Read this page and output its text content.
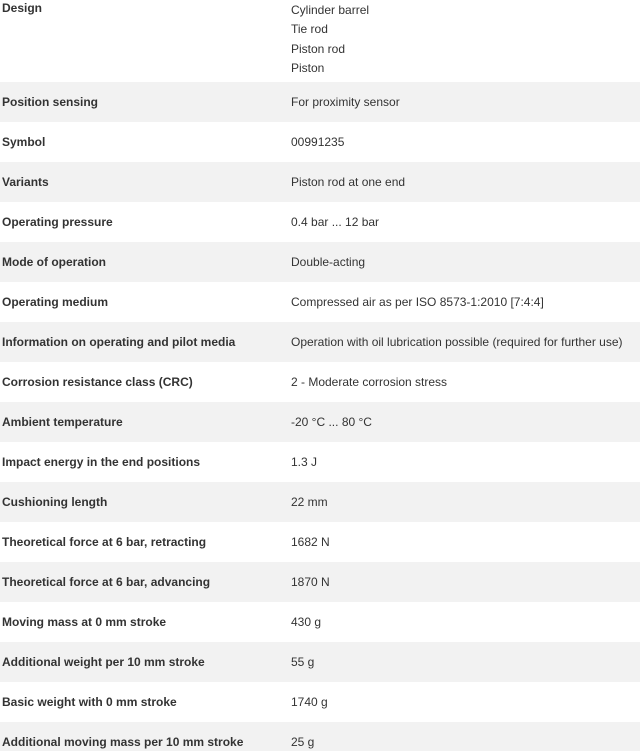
Design	Cylinder barrel
Tie rod
Piston rod
Piston
Position sensing	For proximity sensor
Symbol	00991235
Variants	Piston rod at one end
Operating pressure	0.4 bar ... 12 bar
Mode of operation	Double-acting
Operating medium	Compressed air as per ISO 8573-1:2010 [7:4:4]
Information on operating and pilot media	Operation with oil lubrication possible (required for further use)
Corrosion resistance class (CRC)	2 - Moderate corrosion stress
Ambient temperature	-20 °C ... 80 °C
Impact energy in the end positions	1.3 J
Cushioning length	22 mm
Theoretical force at 6 bar, retracting	1682 N
Theoretical force at 6 bar, advancing	1870 N
Moving mass at 0 mm stroke	430 g
Additional weight per 10 mm stroke	55 g
Basic weight with 0 mm stroke	1740 g
Additional moving mass per 10 mm stroke	25 g
